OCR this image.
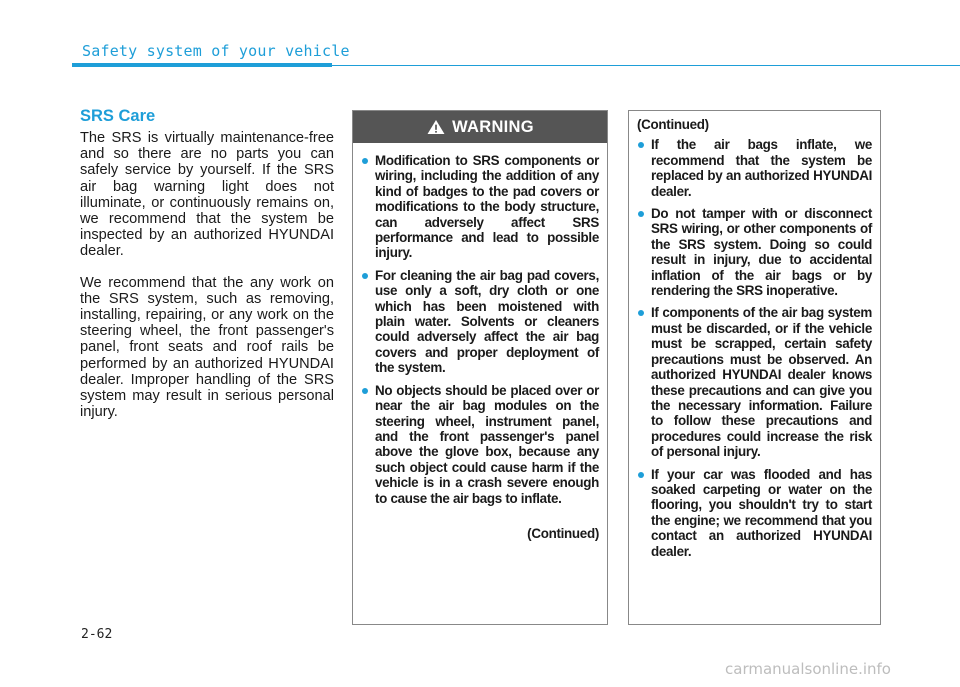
Safety system of your vehicle
SRS Care

The SRS is virtually maintenance-free and so there are no parts you can safely service by yourself. If the SRS air bag warning light does not illuminate, or continuously remains on, we recommend that the system be inspected by an authorized HYUNDAI dealer.

We recommend that the any work on the SRS system, such as removing, installing, repairing, or any work on the steering wheel, the front passenger's panel, front seats and roof rails be performed by an authorized HYUNDAI dealer. Improper handling of the SRS system may result in serious personal injury.

WARNING
Modification to SRS components or wiring, including the addition of any kind of badges to the pad covers or modifications to the body structure, can adversely affect SRS performance and lead to possible injury.
For cleaning the air bag pad covers, use only a soft, dry cloth or one which has been moistened with plain water. Solvents or cleaners could adversely affect the air bag covers and proper deployment of the system.
No objects should be placed over or near the air bag modules on the steering wheel, instrument panel, and the front passenger's panel above the glove box, because any such object could cause harm if the vehicle is in a crash severe enough to cause the air bags to inflate.
(Continued)
(Continued)
If the air bags inflate, we recommend that the system be replaced by an authorized HYUNDAI dealer.
Do not tamper with or disconnect SRS wiring, or other components of the SRS system. Doing so could result in injury, due to accidental inflation of the air bags or by rendering the SRS inoperative.
If components of the air bag system must be discarded, or if the vehicle must be scrapped, certain safety precautions must be observed. An authorized HYUNDAI dealer knows these precautions and can give you the necessary information. Failure to follow these precautions and procedures could increase the risk of personal injury.
If your car was flooded and has soaked carpeting or water on the flooring, you shouldn't try to start the engine; we recommend that you contact an authorized HYUNDAI dealer.
2-62
carmanualsonline.info
